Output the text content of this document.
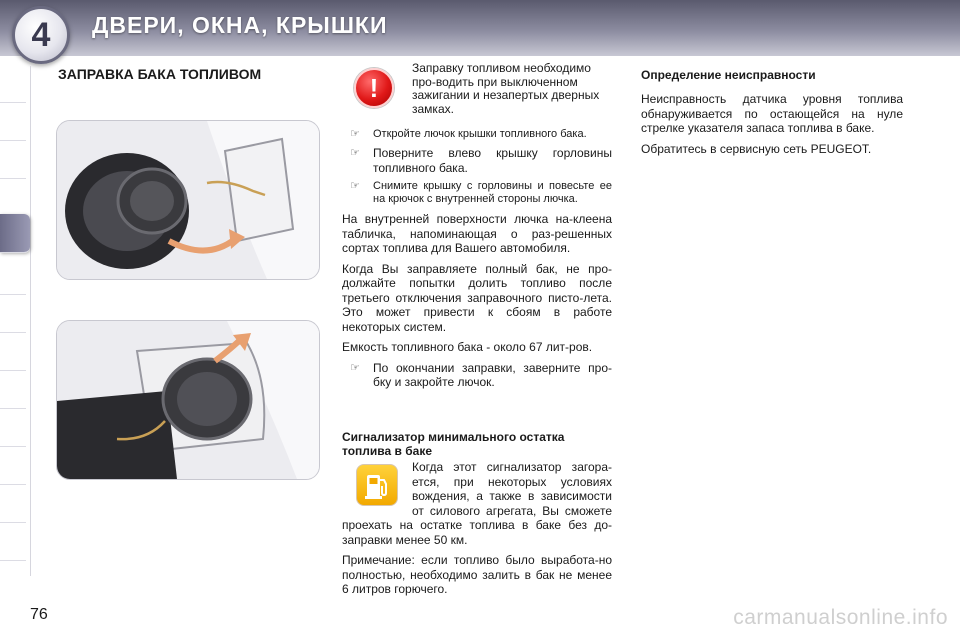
4	ДВЕРИ, ОКНА, КРЫШКИ
ЗАПРАВКА БАКА ТОПЛИВОМ	!
Заправку топливом необходимо про-водить при выключенном зажигании и незапертых дверных замках.
☞ Откройте лючок крышки топливного бака.
☞ Поверните влево крышку горловины топливного бака.
☞ Снимите крышку с горловины и повесьте ее на крючок с внутренней стороны лючка.

На внутренней поверхности лючка на-клеена табличка, напоминающая о раз-решенных сортах топлива для Вашего автомобиля.

Когда Вы заправляете полный бак, не про-должайте попытки долить топливо после третьего отключения заправочного писто-лета. Это может привести к сбоям в работе некоторых систем.

Емкость топливного бака - около 67 лит-ров.

☞ По окончании заправки, заверните про-бку и закройте лючок.
Сигнализатор минимального остатка топлива в баке

Когда этот сигнализатор загора-ется, при некоторых условиях вождения, а также в зависимости от силового агрегата, Вы сможете проехать на остатке топлива в баке без до-заправки менее 50 км.

Примечание: если топливо было выработа-но полностью, необходимо залить в бак не менее 6 литров горючего.

Определение неисправности

Неисправность датчика уровня топлива обнаруживается по остающейся на нуле стрелке указателя запаса топлива в баке.

Обратитесь в сервисную сеть PEUGEOT.

76	carmanualsonline.info
